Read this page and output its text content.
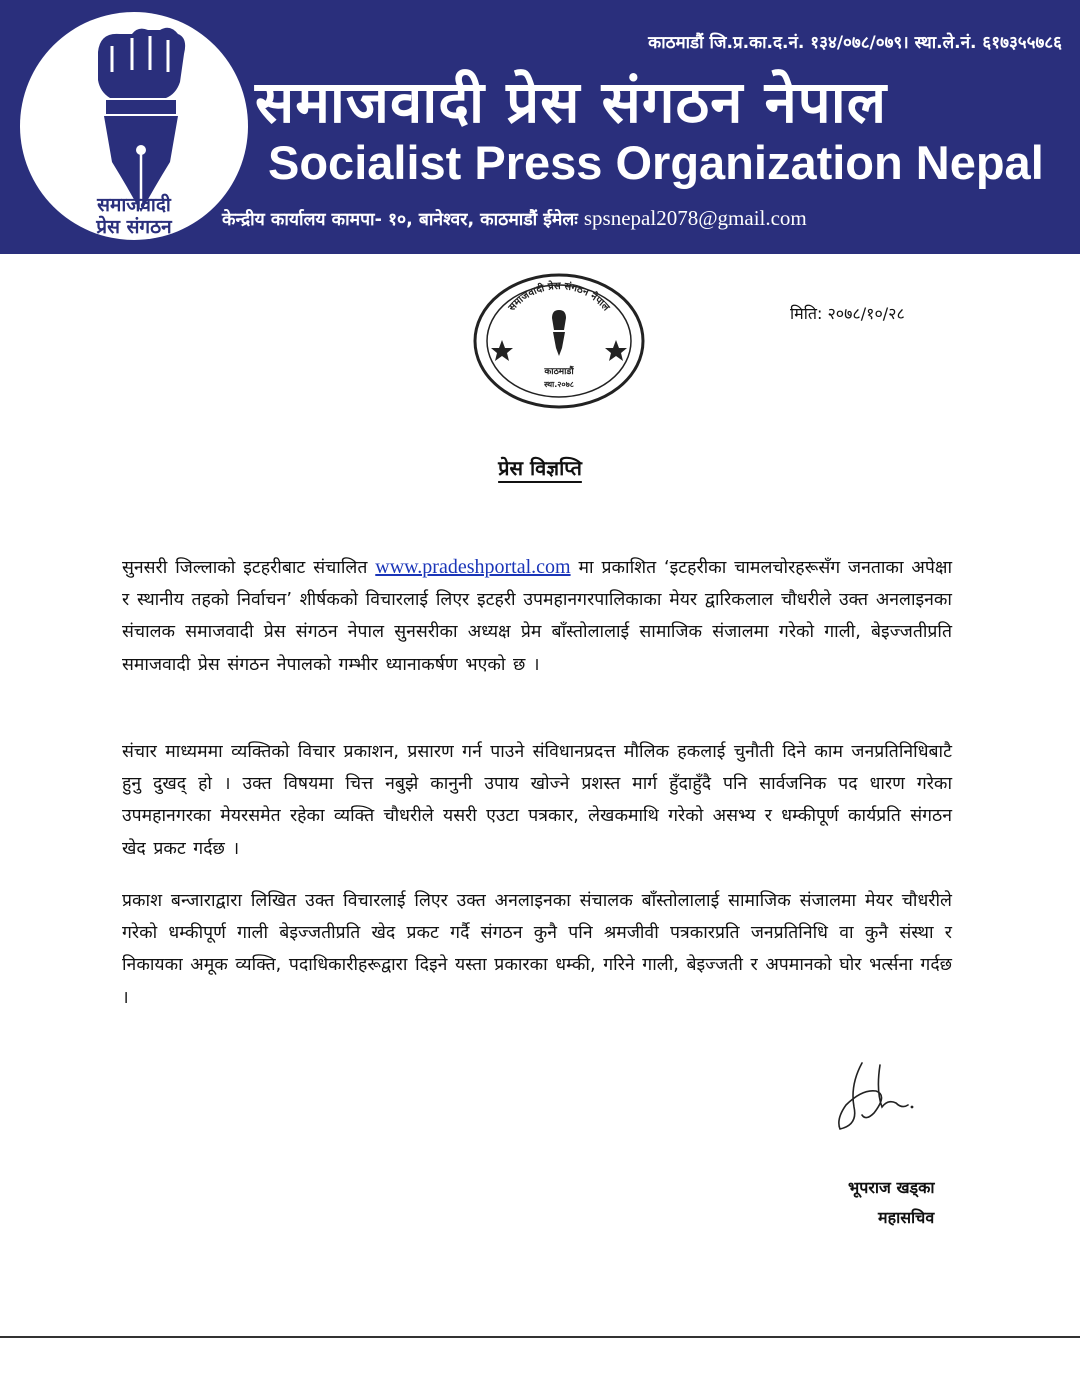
समाजवादी
प्रेस संगठन
काठमाडौं जि.प्र.का.द.नं. १३४/०७८/०७९। स्था.ले.नं. ६१७३५५७८६
समाजवादी प्रेस संगठन नेपाल
Socialist Press Organization Nepal
केन्द्रीय कार्यालय कामपा- १०, बानेश्वर, काठमाडौं ईमेलः spsnepal2078@gmail.com
समाजवादी प्रेस संगठन नेपाल
काठमाडौं
स्था.२०७८
मिति: २०७८/१०/२८
प्रेस विज्ञप्ति

सुनसरी जिल्लाको इटहरीबाट संचालित www.pradeshportal.com मा प्रकाशित ‘इटहरीका चामलचोरहरूसँग जनताका अपेक्षा र स्थानीय तहको निर्वाचन’ शीर्षकको विचारलाई लिएर इटहरी उपमहानगरपालिकाका मेयर द्वारिकलाल चौधरीले उक्त अनलाइनका संचालक समाजवादी प्रेस संगठन नेपाल सुनसरीका अध्यक्ष प्रेम बाँस्तोलालाई सामाजिक संजालमा गरेको गाली, बेइज्जतीप्रति समाजवादी प्रेस संगठन नेपालको गम्भीर ध्यानाकर्षण भएको छ ।

संचार माध्यममा व्यक्तिको विचार प्रकाशन, प्रसारण गर्न पाउने संविधानप्रदत्त मौलिक हकलाई चुनौती दिने काम जनप्रतिनिधिबाटै हुनु दुखद् हो । उक्त विषयमा चित्त नबुझे कानुनी उपाय खोज्ने प्रशस्त मार्ग हुँदाहुँदै पनि सार्वजनिक पद धारण गरेका उपमहानगरका मेयरसमेत रहेका व्यक्ति चौधरीले यसरी एउटा पत्रकार, लेखकमाथि गरेको असभ्य र धम्कीपूर्ण कार्यप्रति संगठन खेद प्रकट गर्दछ ।

प्रकाश बन्जाराद्वारा लिखित उक्त विचारलाई लिएर उक्त अनलाइनका संचालक बाँस्तोलालाई सामाजिक संजालमा मेयर चौधरीले गरेको धम्कीपूर्ण गाली बेइज्जतीप्रति खेद प्रकट गर्दै संगठन कुनै पनि श्रमजीवी पत्रकारप्रति जनप्रतिनिधि वा कुनै संस्था र निकायका अमूक व्यक्ति, पदाधिकारीहरूद्वारा दिइने यस्ता प्रकारका धम्की, गरिने गाली, बेइज्जती र अपमानको घोर भर्त्सना गर्दछ ।

भूपराज खड्का
महासचिव
